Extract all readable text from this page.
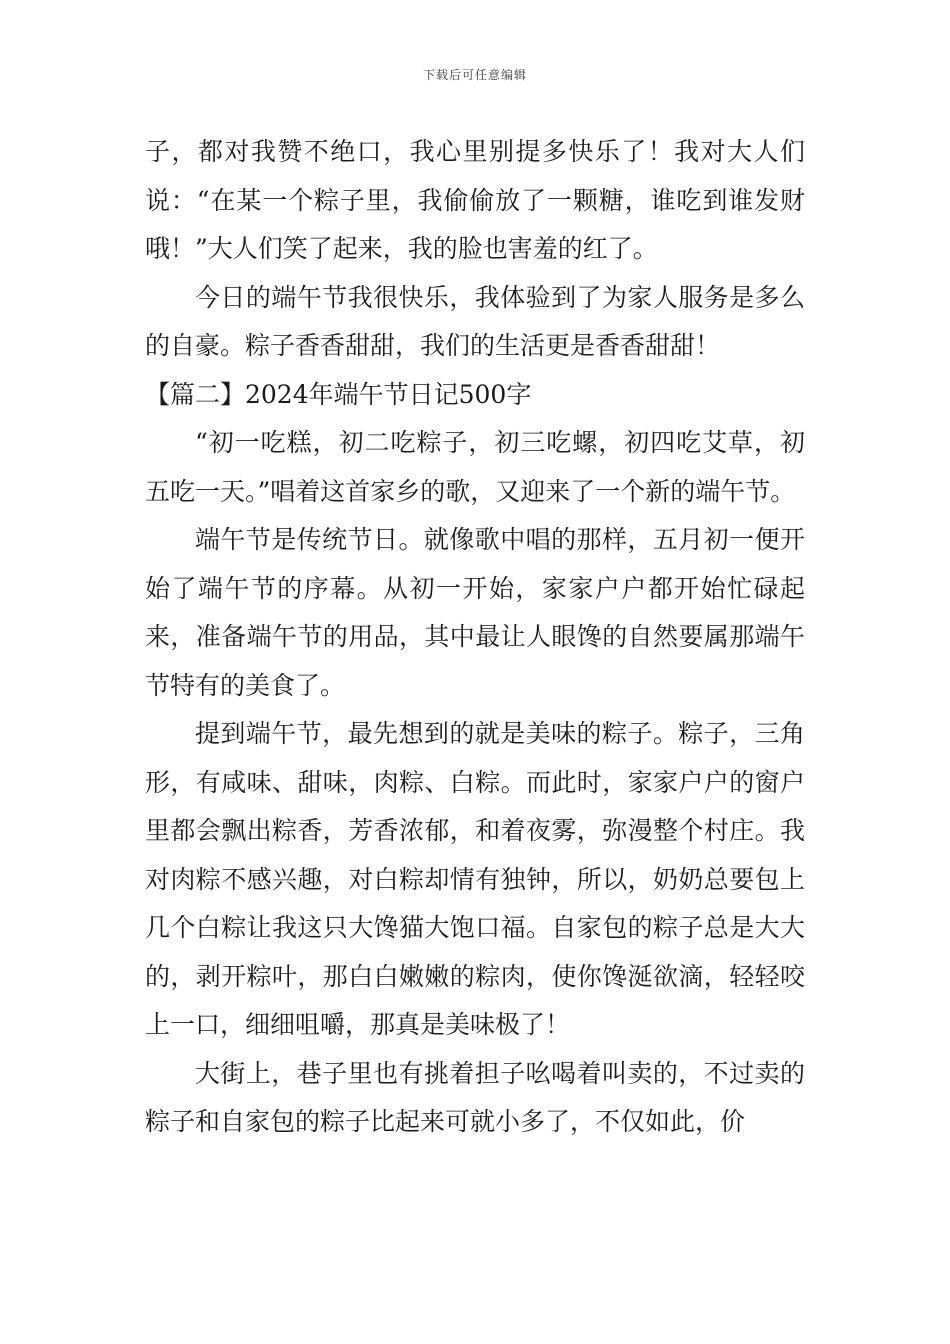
下载后可任意编辑

子，都对我赞不绝口，我心里别提多快乐了！我对大人们说：“在某一个粽子里，我偷偷放了一颗糖，谁吃到谁发财哦！”大人们笑了起来，我的脸也害羞的红了。

今日的端午节我很快乐，我体验到了为家人服务是多么的自豪。粽子香香甜甜，我们的生活更是香香甜甜！

【篇二】2024年端午节日记500字

“初一吃糕，初二吃粽子，初三吃螺，初四吃艾草，初五吃一天。”唱着这首家乡的歌，又迎来了一个新的端午节。

端午节是传统节日。就像歌中唱的那样，五月初一便开始了端午节的序幕。从初一开始，家家户户都开始忙碌起来，准备端午节的用品，其中最让人眼馋的自然要属那端午节特有的美食了。

提到端午节，最先想到的就是美味的粽子。粽子，三角形，有咸味、甜味，肉粽、白粽。而此时，家家户户的窗户里都会飘出粽香，芳香浓郁，和着夜雾，弥漫整个村庄。我对肉粽不感兴趣，对白粽却情有独钟，所以，奶奶总要包上几个白粽让我这只大馋猫大饱口福。自家包的粽子总是大大的，剥开粽叶，那白白嫩嫩的粽肉，使你馋涎欲滴，轻轻咬上一口，细细咀嚼，那真是美味极了！

大街上，巷子里也有挑着担子吆喝着叫卖的，不过卖的粽子和自家包的粽子比起来可就小多了，不仅如此，价
